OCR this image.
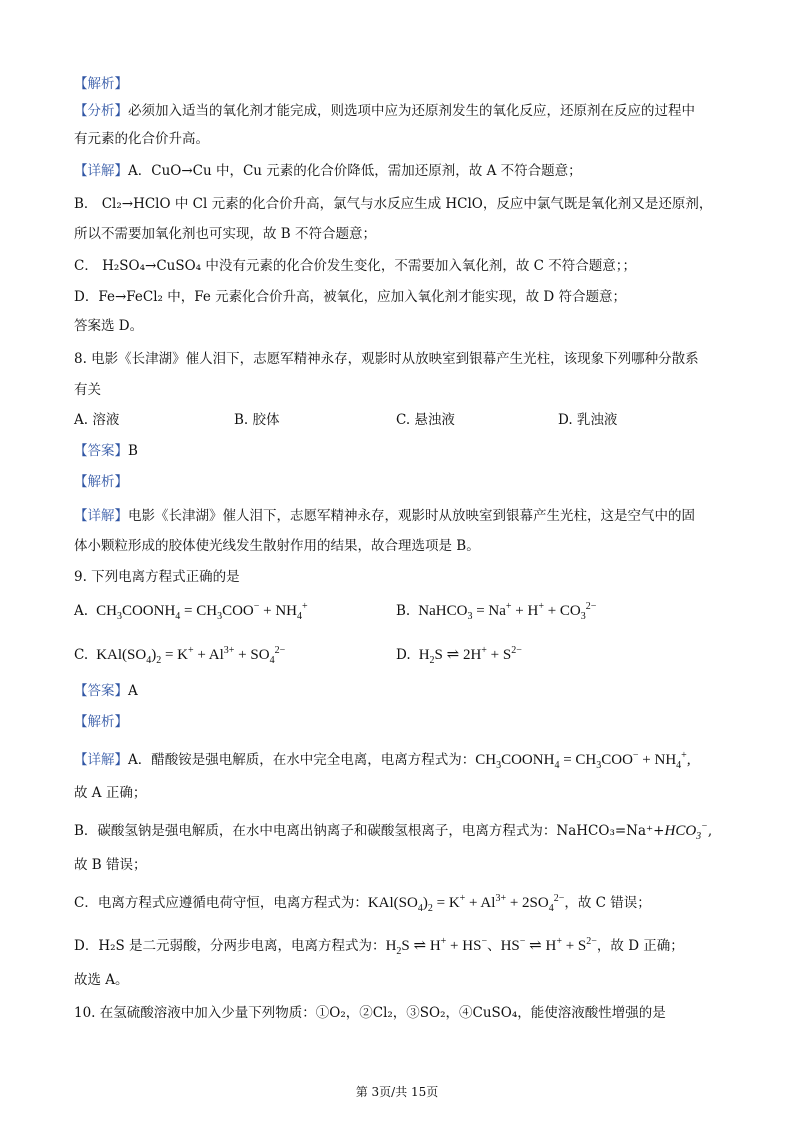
【解析】
【分析】必须加入适当的氧化剂才能完成，则选项中应为还原剂发生的氧化反应，还原剂在反应的过程中
有元素的化合价升高。
【详解】A．CuO→Cu 中，Cu 元素的化合价降低，需加还原剂，故 A 不符合题意；
B． Cl₂→HClO 中 Cl 元素的化合价升高，氯气与水反应生成 HClO，反应中氯气既是氧化剂又是还原剂，
所以不需要加氧化剂也可实现，故 B 不符合题意；
C． H₂SO₄→CuSO₄ 中没有元素的化合价发生变化，不需要加入氧化剂，故 C 不符合题意；；
D．Fe→FeCl₂ 中，Fe 元素化合价升高，被氧化，应加入氧化剂才能实现，故 D 符合题意；
答案选 D。
8. 电影《长津湖》催人泪下，志愿军精神永存，观影时从放映室到银幕产生光柱，该现象下列哪种分散系
有关
A. 溶液	B. 胶体	C. 悬浊液	D. 乳浊液
【答案】B
【解析】
【详解】电影《长津湖》催人泪下，志愿军精神永存，观影时从放映室到银幕产生光柱，这是空气中的固
体小颗粒形成的胶体使光线发生散射作用的结果，故合理选项是 B。
9. 下列电离方程式正确的是
A.  $CH_3COONH_4 = CH_3COO^- + NH_4^+$	B.  NaHCO$_3$ = $Na^+ + H^+ + CO_3^{2-}$
C.  $KAl(SO_4)_2 = K^+ + Al^{3+} + SO_4^{2-}$	D.  $H_2S$ ⇌ $2H^+ + S^{2-}$
【答案】A
【解析】
【详解】A．醋酸铵是强电解质，在水中完全电离，电离方程式为：$CH_3COONH_4 = CH_3COO^- + NH_4^+$,
故 A 正确；
B．碳酸氢钠是强电解质，在水中电离出钠离子和碳酸氢根离子，电离方程式为：$NaHCO_3=Na^++HCO_3^-$,
故 B 错误；
C．电离方程式应遵循电荷守恒，电离方程式为：$KAl(SO_4)_2 = K^+ + Al^{3+} + 2SO_4^{2-}$，故 C 错误；
D．H₂S 是二元弱酸，分两步电离，电离方程式为：$H_2S$ ⇌ H+ + HS−、HS− ⇌ $H^+ + S^{2-}$，故 D 正确；
故选 A。
10. 在氢硫酸溶液中加入少量下列物质：①O₂，②Cl₂，③SO₂，④CuSO₄，能使溶液酸性增强的是
第 3页/共 15页
